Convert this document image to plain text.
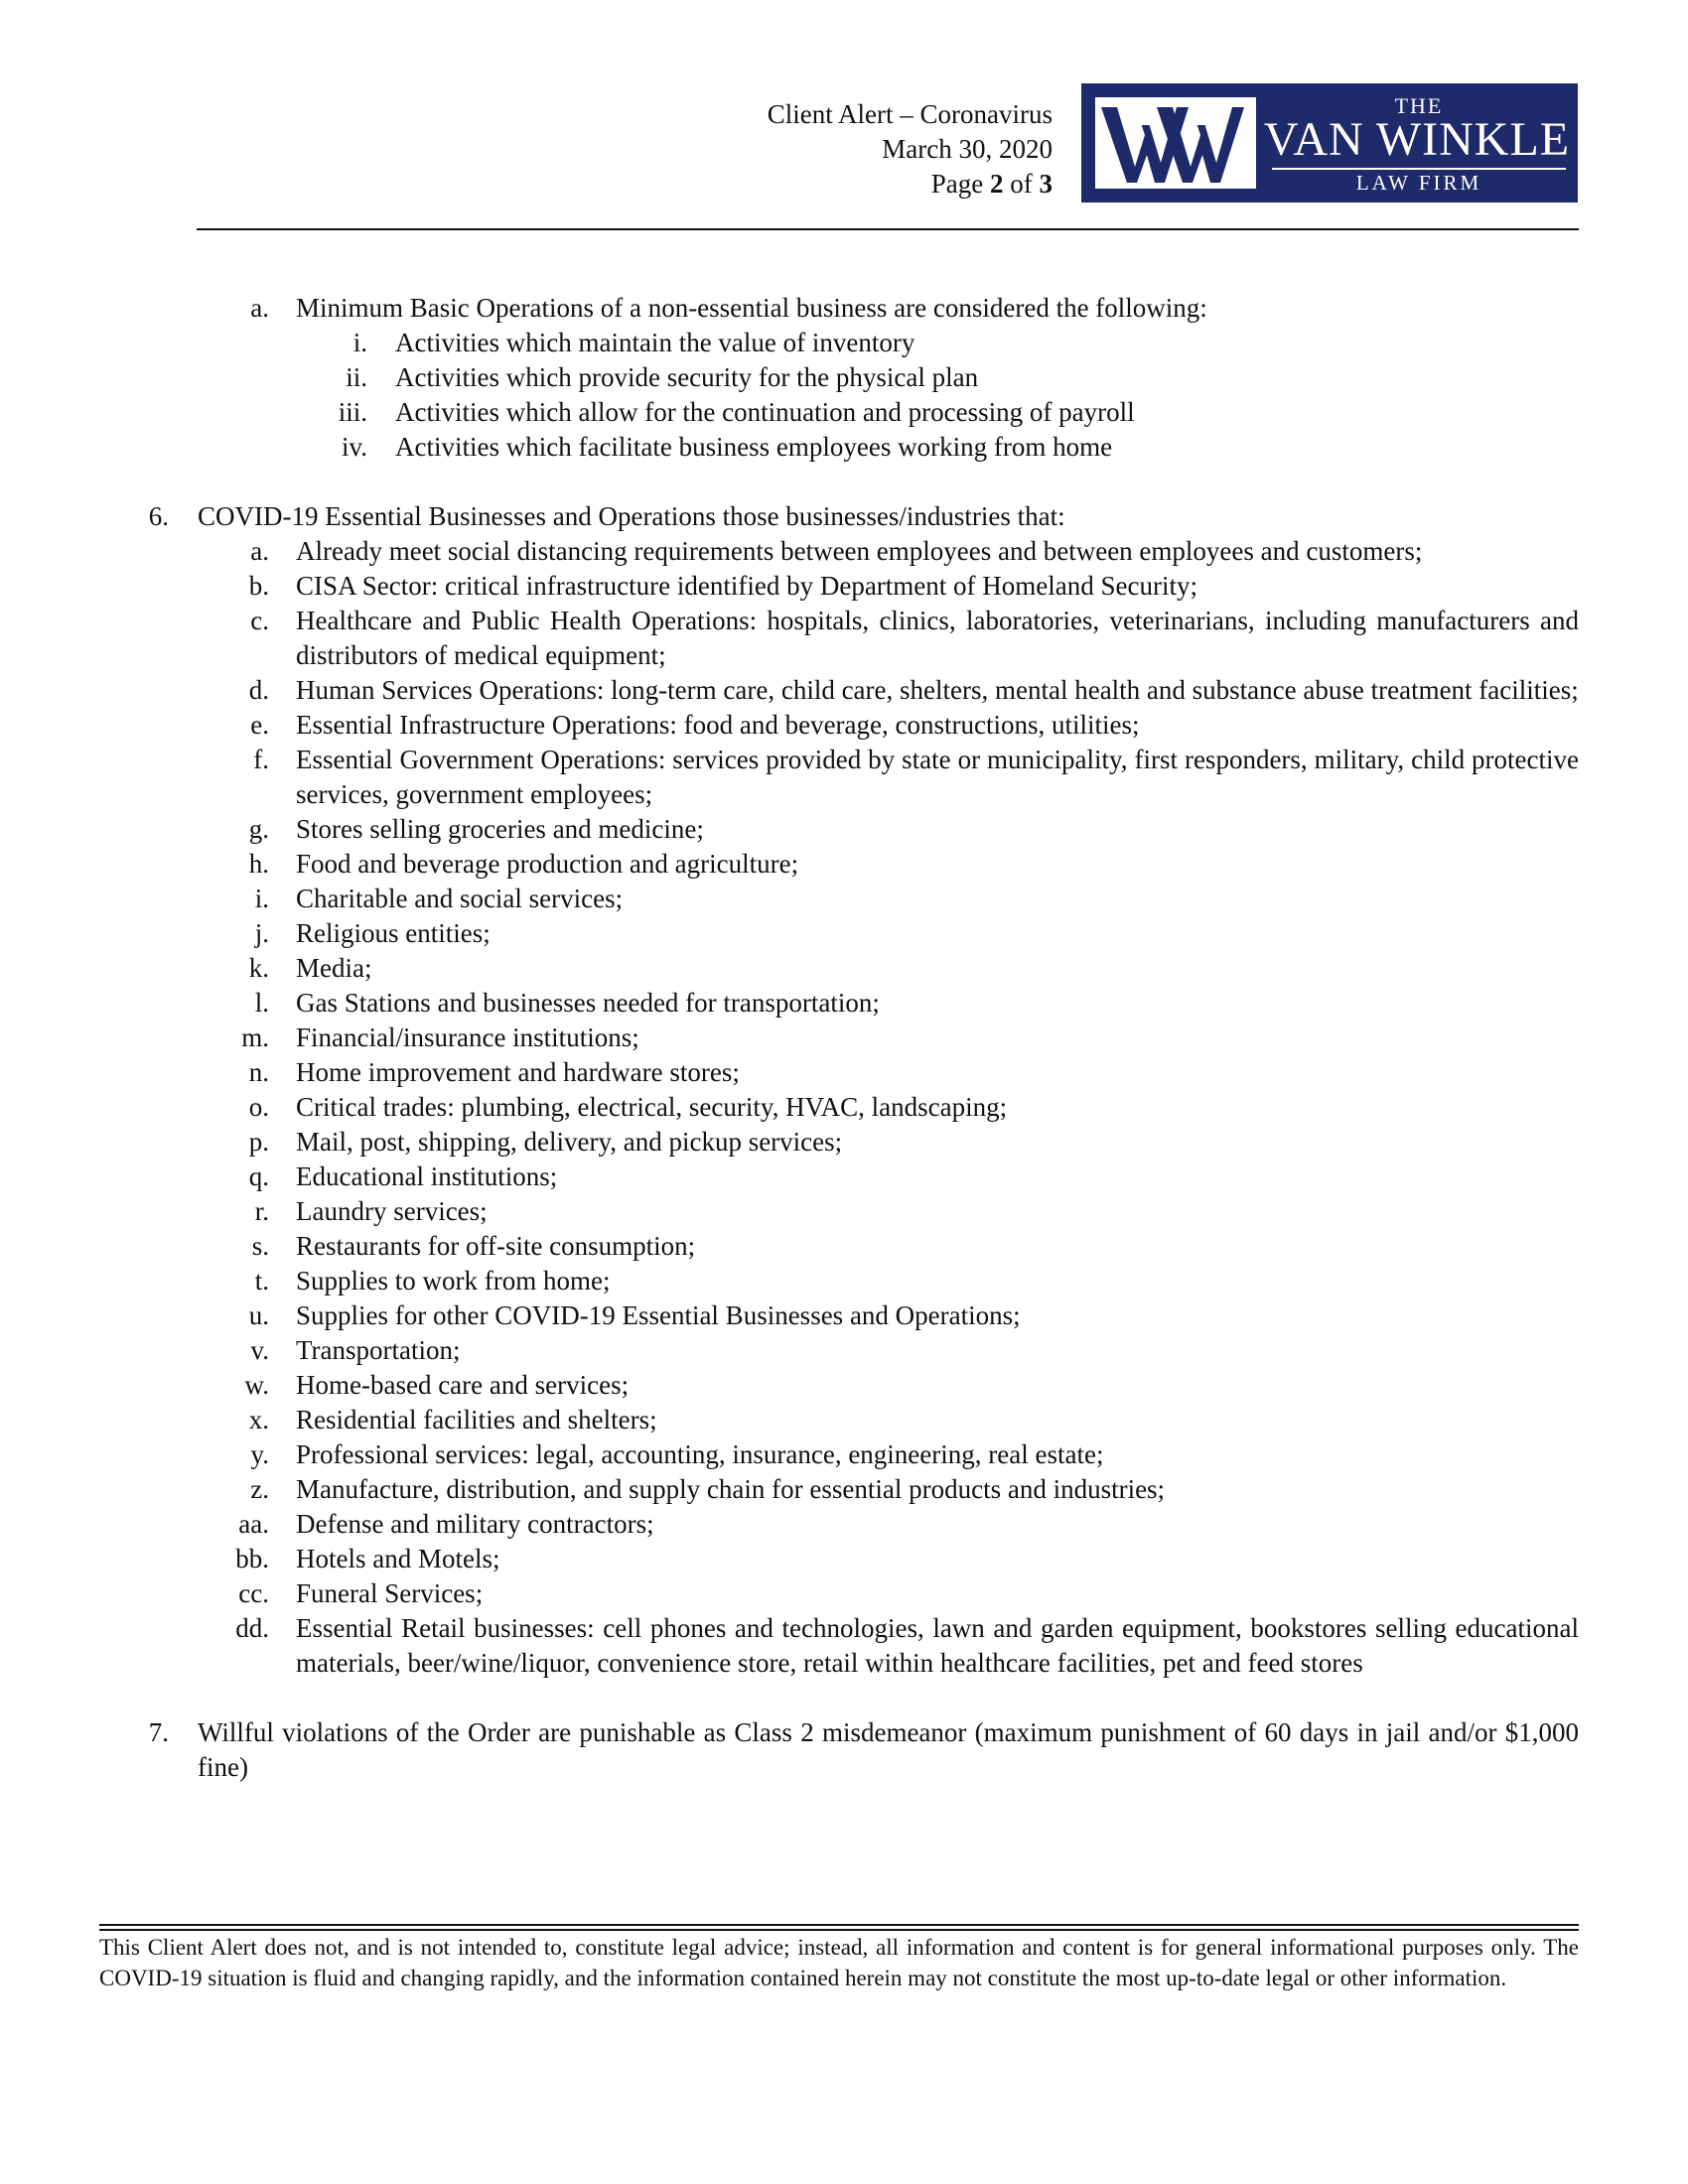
Client Alert – Coronavirus
March 30, 2020
Page 2 of 3
THE
VAN WINKLE
LAW FIRM
a. Minimum Basic Operations of a non-essential business are considered the following:
i. Activities which maintain the value of inventory
ii. Activities which provide security for the physical plan
iii. Activities which allow for the continuation and processing of payroll
iv. Activities which facilitate business employees working from home
6. COVID-19 Essential Businesses and Operations those businesses/industries that:
a. Already meet social distancing requirements between employees and between employees and customers;
b. CISA Sector: critical infrastructure identified by Department of Homeland Security;
c. Healthcare and Public Health Operations: hospitals, clinics, laboratories, veterinarians, including manufacturers and distributors of medical equipment;
d. Human Services Operations: long-term care, child care, shelters, mental health and substance abuse treatment facilities;
e. Essential Infrastructure Operations: food and beverage, constructions, utilities;
f. Essential Government Operations: services provided by state or municipality, first responders, military, child protective services, government employees;
g. Stores selling groceries and medicine;
h. Food and beverage production and agriculture;
i. Charitable and social services;
j. Religious entities;
k. Media;
l. Gas Stations and businesses needed for transportation;
m. Financial/insurance institutions;
n. Home improvement and hardware stores;
o. Critical trades: plumbing, electrical, security, HVAC, landscaping;
p. Mail, post, shipping, delivery, and pickup services;
q. Educational institutions;
r. Laundry services;
s. Restaurants for off-site consumption;
t. Supplies to work from home;
u. Supplies for other COVID-19 Essential Businesses and Operations;
v. Transportation;
w. Home-based care and services;
x. Residential facilities and shelters;
y. Professional services: legal, accounting, insurance, engineering, real estate;
z. Manufacture, distribution, and supply chain for essential products and industries;
aa. Defense and military contractors;
bb. Hotels and Motels;
cc. Funeral Services;
dd. Essential Retail businesses: cell phones and technologies, lawn and garden equipment, bookstores selling educational materials, beer/wine/liquor, convenience store, retail within healthcare facilities, pet and feed stores
7. Willful violations of the Order are punishable as Class 2 misdemeanor (maximum punishment of 60 days in jail and/or $1,000 fine)
This Client Alert does not, and is not intended to, constitute legal advice; instead, all information and content is for general informational purposes only. The COVID-19 situation is fluid and changing rapidly, and the information contained herein may not constitute the most up-to-date legal or other information.
